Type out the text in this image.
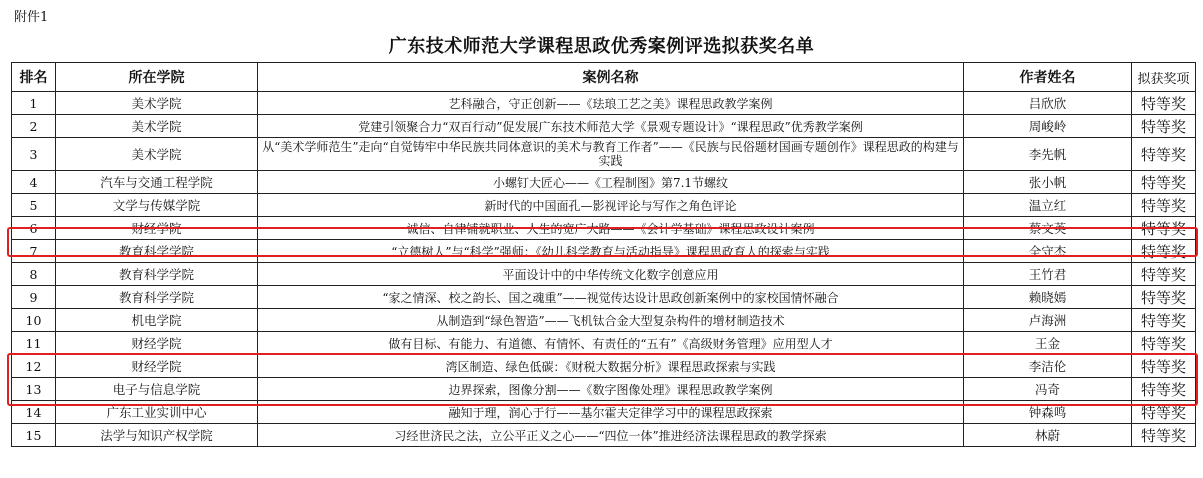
附件1
广东技术师范大学课程思政优秀案例评选拟获奖名单
排名	所在学院	案例名称	作者姓名	拟获奖项
1	美术学院	艺科融合，守正创新——《珐琅工艺之美》课程思政教学案例	吕欣欣	特等奖
2	美术学院	党建引领聚合力“双百行动”促发展广东技术师范大学《景观专题设计》“课程思政”优秀教学案例	周峻岭	特等奖
3	美术学院	从“美术学师范生”走向“自觉铸牢中华民族共同体意识的美术与教育工作者”——《民族与民俗题材国画专题创作》课程思政的构建与实践	李先帆	特等奖
4	汽车与交通工程学院	小螺钉大匠心——《工程制图》第7.1节螺纹	张小帆	特等奖
5	文学与传媒学院	新时代的中国面孔—影视评论与写作之角色评论	温立红	特等奖
6	财经学院	诚信、自律铺就职业、人生的宽广大路——《会计学基础》课程思政设计案例	蔡文英	特等奖
7	教育科学学院	“立德树人”与“科学”强师：《幼儿科学教育与活动指导》课程思政育人的探索与实践	全守杰	特等奖
8	教育科学学院	平面设计中的中华传统文化数字创意应用	王竹君	特等奖
9	教育科学学院	“家之情深、校之韵长、国之魂重”——视觉传达设计思政创新案例中的家校国情怀融合	赖晓嫣	特等奖
10	机电学院	从制造到“绿色智造”——飞机钛合金大型复杂构件的增材制造技术	卢海洲	特等奖
11	财经学院	做有目标、有能力、有道德、有情怀、有责任的“五有”《高级财务管理》应用型人才	王金	特等奖
12	财经学院	湾区制造、绿色低碳：《财税大数据分析》课程思政探索与实践	李洁伦	特等奖
13	电子与信息学院	边界探索，图像分割——《数字图像处理》课程思政教学案例	冯奇	特等奖
14	广东工业实训中心	融知于理，润心于行——基尔霍夫定律学习中的课程思政探索	钟森鸣	特等奖
15	法学与知识产权学院	习经世济民之法，立公平正义之心——“四位一体”推进经济法课程思政的教学探索	林蔚	特等奖
